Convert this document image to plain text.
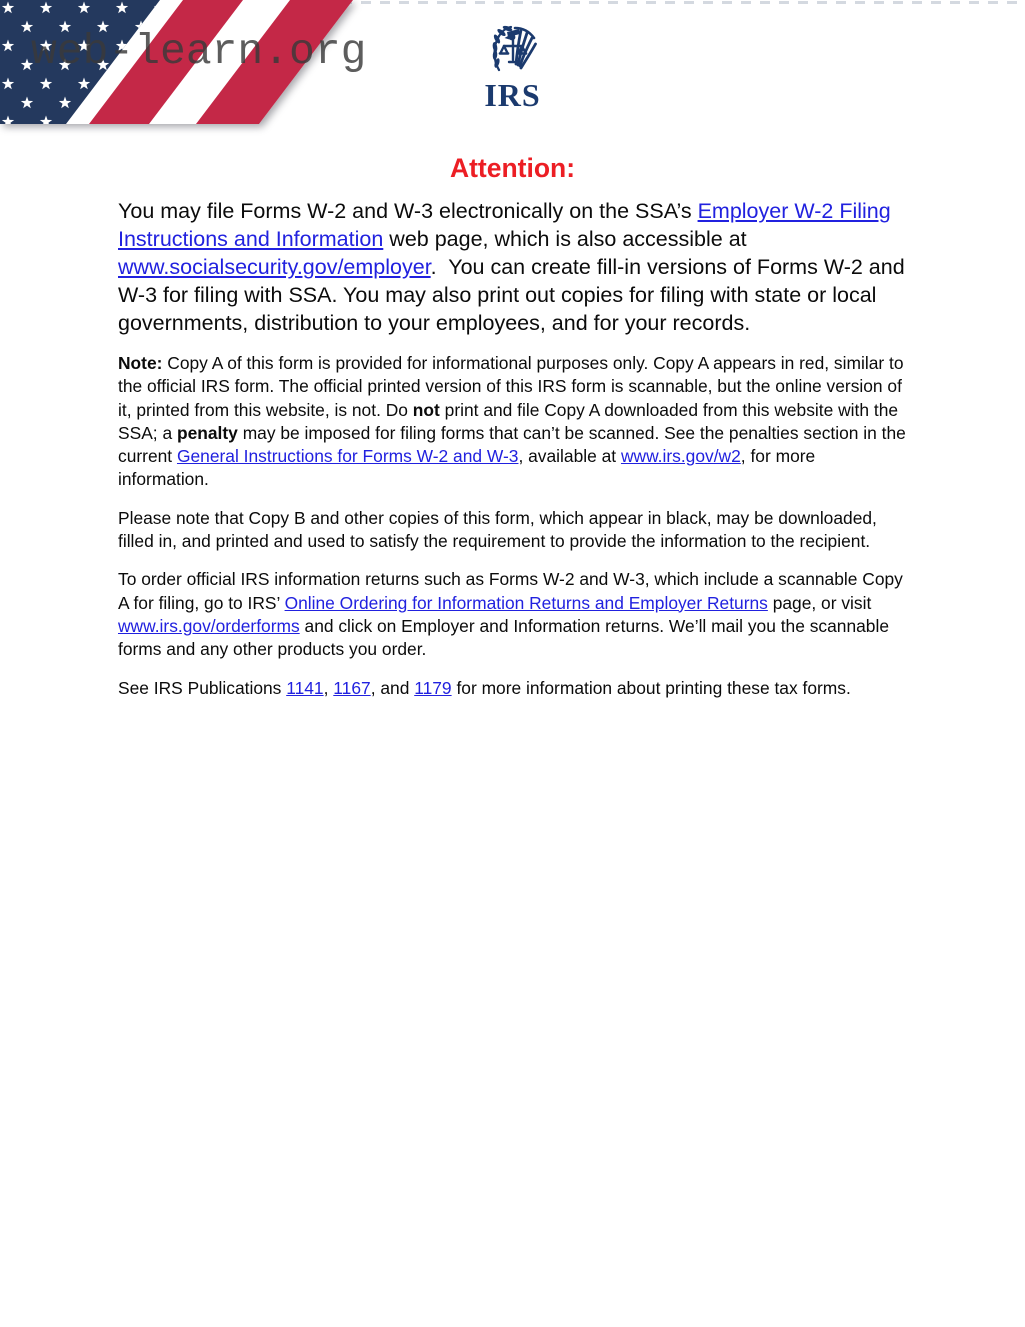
web-learn.org
IRS
Attention:

You may file Forms W-2 and W-3 electronically on the SSA’s Employer W-2 Filing Instructions and Information web page, which is also accessible at www.socialsecurity.gov/employer.  You can create fill-in versions of Forms W-2 and W-3 for filing with SSA. You may also print out copies for filing with state or local governments, distribution to your employees, and for your records.

Note: Copy A of this form is provided for informational purposes only. Copy A appears in red, similar to the official IRS form. The official printed version of this IRS form is scannable, but the online version of it, printed from this website, is not. Do not print and file Copy A downloaded from this website with the SSA; a penalty may be imposed for filing forms that can’t be scanned. See the penalties section in the current General Instructions for Forms W-2 and W-3, available at www.irs.gov/w2, for more information.

Please note that Copy B and other copies of this form, which appear in black, may be downloaded, filled in, and printed and used to satisfy the requirement to provide the information to the recipient.

To order official IRS information returns such as Forms W-2 and W-3, which include a scannable Copy A for filing, go to IRS’ Online Ordering for Information Returns and Employer Returns page, or visit www.irs.gov/orderforms and click on Employer and Information returns. We’ll mail you the scannable forms and any other products you order.

See IRS Publications 1141, 1167, and 1179 for more information about printing these tax forms.
